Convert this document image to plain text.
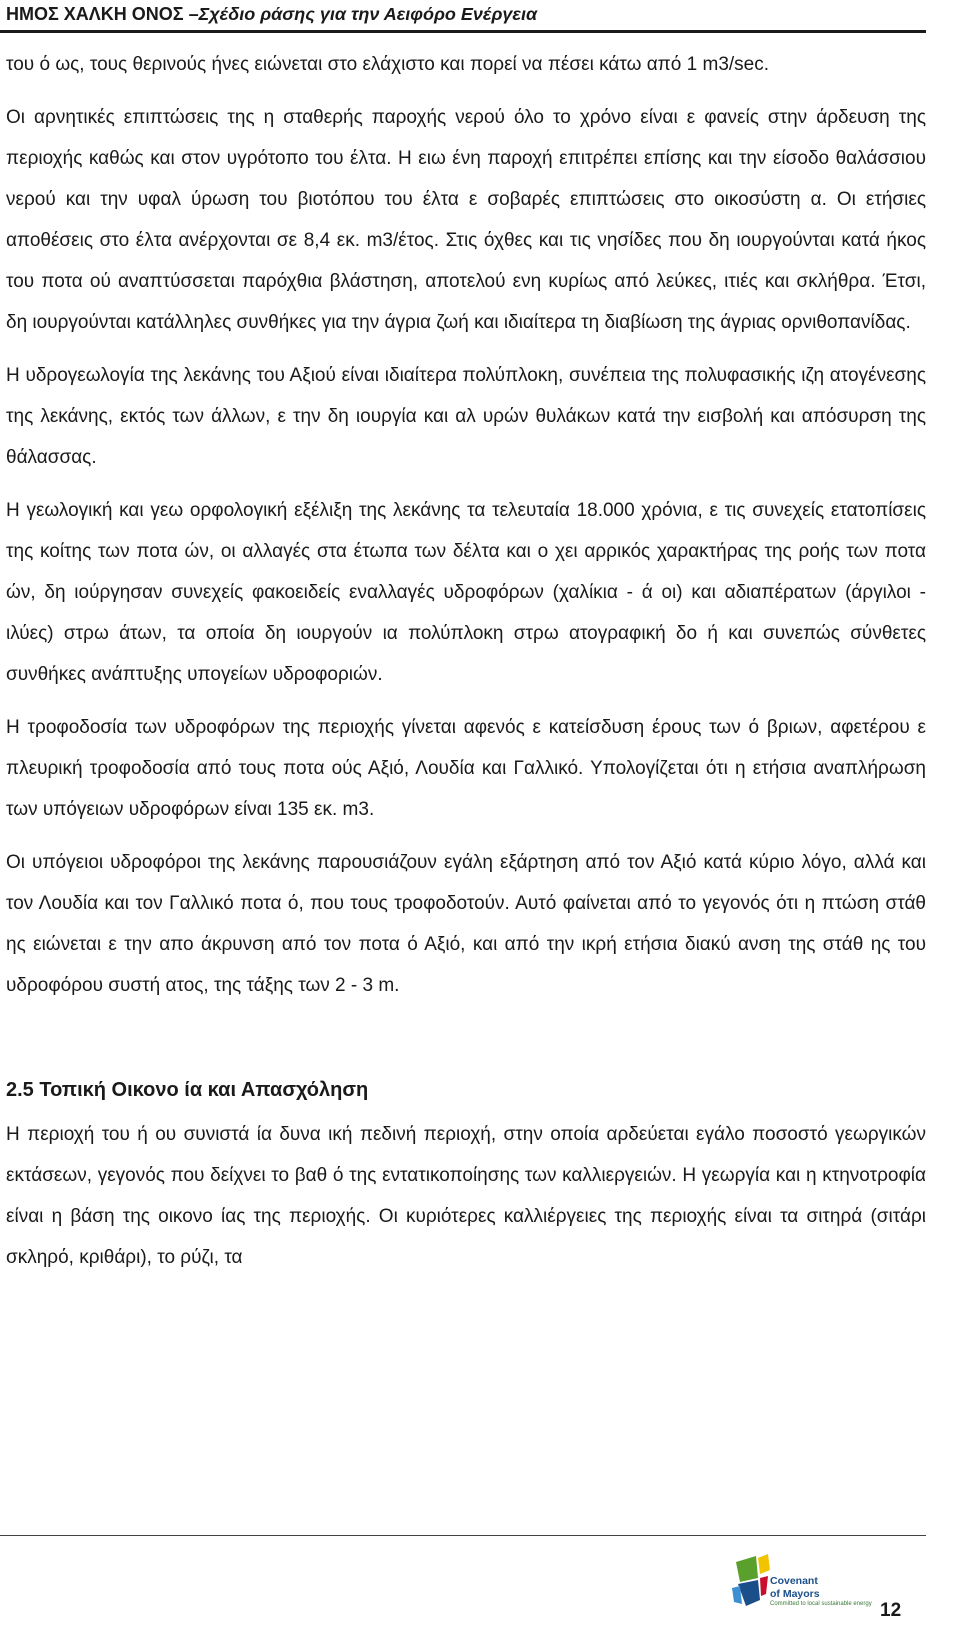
ΗΜΟΣ ΧΑΛΚΗ ΟΝΟΣ – Σχέδιο ράσης για την Αειφόρο Ενέργεια

του ό ως, τους θερινούς ήνες ειώνεται στο ελάχιστο και πορεί να πέσει κάτω από 1 m3/sec.

Οι αρνητικές επιπτώσεις της η σταθερής παροχής νερού όλο το χρόνο είναι ε φανείς στην άρδευση της περιοχής καθώς και στον υγρότοπο του έλτα. Η ειω ένη παροχή επιτρέπει επίσης και την είσοδο θαλάσσιου νερού και την υφαλ ύρωση του βιοτόπου του έλτα ε σοβαρές επιπτώσεις στο οικοσύστη α. Οι ετήσιες αποθέσεις στο έλτα ανέρχονται σε 8,4 εκ. m3/έτος. Στις όχθες και τις νησίδες που δη ιουργούνται κατά ήκος του ποτα ού αναπτύσσεται παρόχθια βλάστηση, αποτελού ενη κυρίως από λεύκες, ιτιές και σκλήθρα. Έτσι, δη ιουργούνται κατάλληλες συνθήκες για την άγρια ζωή και ιδιαίτερα τη διαβίωση της άγριας ορνιθοπανίδας.

Η υδρογεωλογία της λεκάνης του Αξιού είναι ιδιαίτερα πολύπλοκη, συνέπεια της πολυφασικής ιζη ατογένεσης της λεκάνης, εκτός των άλλων, ε την δη ιουργία και αλ υρών θυλάκων κατά την εισβολή και απόσυρση της θάλασσας.

Η γεωλογική και γεω ορφολογική εξέλιξη της λεκάνης τα τελευταία 18.000 χρόνια, ε τις συνεχείς ετατοπίσεις της κοίτης των ποτα ών, οι αλλαγές στα έτωπα των δέλτα και ο χει αρρικός χαρακτήρας της ροής των ποτα ών, δη ιούργησαν συνεχείς φακοειδείς εναλλαγές υδροφόρων (χαλίκια - ά οι) και αδιαπέρατων (άργιλοι - ιλύες) στρω άτων, τα οποία δη ιουργούν ια πολύπλοκη στρω ατογραφική δο ή και συνεπώς σύνθετες συνθήκες ανάπτυξης υπογείων υδροφοριών.

Η τροφοδοσία των υδροφόρων της περιοχής γίνεται αφενός ε κατείσδυση έρους των ό βριων, αφετέρου ε πλευρική τροφοδοσία από τους ποτα ούς Αξιό, Λουδία και Γαλλικό. Υπολογίζεται ότι η ετήσια αναπλήρωση των υπόγειων υδροφόρων είναι 135 εκ. m3.

Οι υπόγειοι υδροφόροι της λεκάνης παρουσιάζουν εγάλη εξάρτηση από τον Αξιό κατά κύριο λόγο, αλλά και τον Λουδία και τον Γαλλικό ποτα ό, που τους τροφοδοτούν. Αυτό φαίνεται από το γεγονός ότι η πτώση στάθ ης ειώνεται ε την απο άκρυνση από τον ποτα ό Αξιό, και από την ικρή ετήσια διακύ ανση της στάθ ης του υδροφόρου συστή ατος, της τάξης των 2 - 3 m.

2.5 Τοπική Οικονο ία και Απασχόληση

Η περιοχή του ή ου συνιστά ία δυνα ική πεδινή περιοχή, στην οποία αρδεύεται εγάλο ποσοστό γεωργικών εκτάσεων, γεγονός που δείχνει το βαθ ό της εντατικοποίησης των καλλιεργειών. Η γεωργία και η κτηνοτροφία είναι η βάση της οικονο ίας της περιοχής. Οι κυριότερες καλλιέργειες της περιοχής είναι τα σιτηρά (σιτάρι σκληρό, κριθάρι), το ρύζι, τα

Covenant
of Mayors
Committed to local sustainable energy 12
